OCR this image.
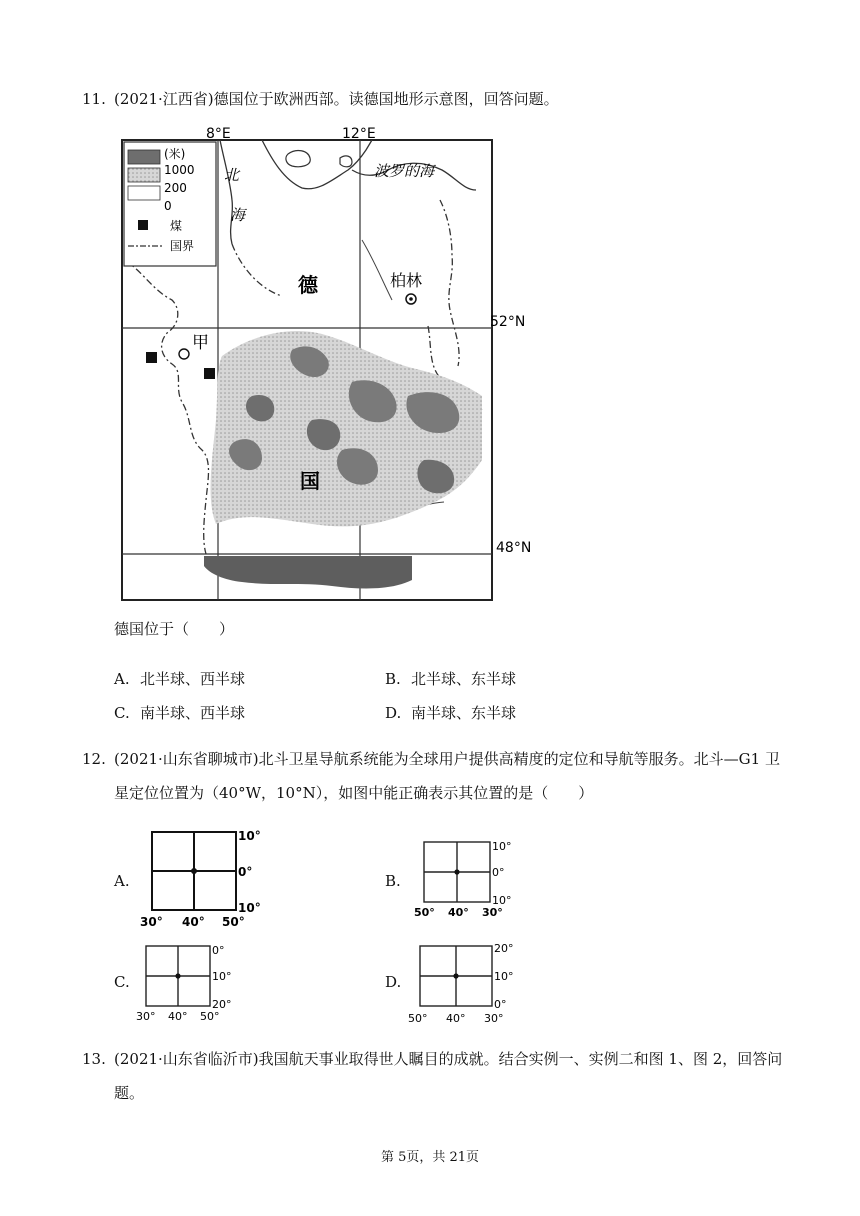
11. (2021·江西省)德国位于欧洲西部。读德国地形示意图，回答问题。
8°E	12°E
52°N
48°N
(米)
1000
200
0
煤
国界
北
海
波罗的海
柏林
德
国
甲
德国位于（　　）
A. 北半球、西半球	B. 北半球、东半球
C. 南半球、西半球	D. 南半球、东半球
12. (2021·山东省聊城市)北斗卫星导航系统能为全球用户提供高精度的定位和导航等服务。北斗—G1 卫
星定位位置为（40°W，10°N），如图中能正确表示其位置的是（　　）
A.
10°
0°
10°
30° 40° 50°
B.
10°
0°
10°
50° 40° 30°
C.
0°
10°
20°
30° 40° 50°
D.
20°
10°
0°
50° 40° 30°
13. (2021·山东省临沂市)我国航天事业取得世人瞩目的成就。结合实例一、实例二和图 1、图 2，回答问
题。
第 5页，共 21页
